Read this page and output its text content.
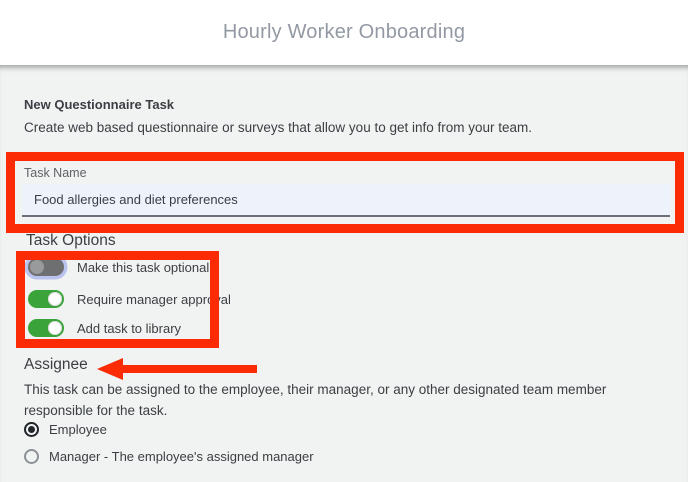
Hourly Worker Onboarding
New Questionnaire Task
Create web based questionnaire or surveys that allow you to get info from your team.
Task Name
Food allergies and diet preferences
Task Options
Make this task optional
Require manager approval
Add task to library
Assignee
This task can be assigned to the employee, their manager, or any other designated team member responsible for the task.
Employee
Manager - The employee's assigned manager
